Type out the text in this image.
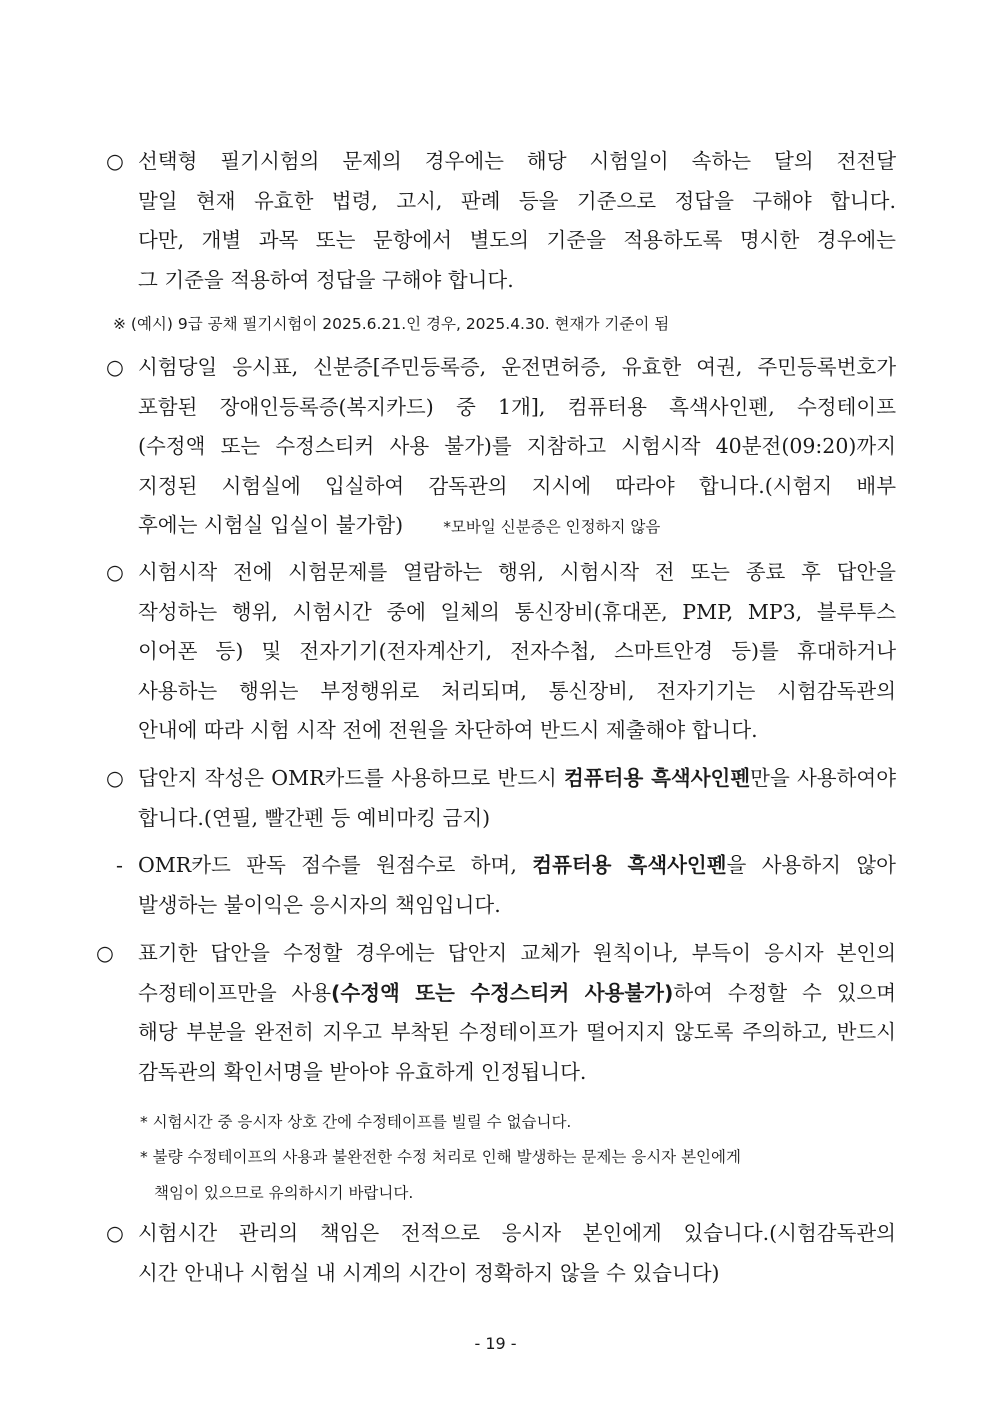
○ 선택형 필기시험의 문제의 경우에는 해당 시험일이 속하는 달의 전전달
말일 현재 유효한 법령, 고시, 판례 등을 기준으로 정답을 구해야 합니다.
다만, 개별 과목 또는 문항에서 별도의 기준을 적용하도록 명시한 경우에는
그 기준을 적용하여 정답을 구해야 합니다.
※ (예시) 9급 공채 필기시험이 2025.6.21.인 경우, 2025.4.30. 현재가 기준이 됨
○ 시험당일 응시표, 신분증[주민등록증, 운전면허증, 유효한 여권, 주민등록번호가
포함된 장애인등록증(복지카드) 중 1개], 컴퓨터용 흑색사인펜, 수정테이프
(수정액 또는 수정스티커 사용 불가)를 지참하고 시험시작 40분전(09:20)까지
지정된 시험실에 입실하여 감독관의 지시에 따라야 합니다.(시험지 배부
후에는 시험실 입실이 불가함)	*모바일 신분증은 인정하지 않음
○ 시험시작 전에 시험문제를 열람하는 행위, 시험시작 전 또는 종료 후 답안을
작성하는 행위, 시험시간 중에 일체의 통신장비(휴대폰, PMP, MP3, 블루투스
이어폰 등) 및 전자기기(전자계산기, 전자수첩, 스마트안경 등)를 휴대하거나
사용하는 행위는 부정행위로 처리되며, 통신장비, 전자기기는 시험감독관의
안내에 따라 시험 시작 전에 전원을 차단하여 반드시 제출해야 합니다.
○ 답안지 작성은 OMR카드를 사용하므로 반드시 컴퓨터용 흑색사인펜만을 사용하여야
합니다.(연필, 빨간펜 등 예비마킹 금지)
- OMR카드 판독 점수를 원점수로 하며, 컴퓨터용 흑색사인펜을 사용하지 않아
발생하는 불이익은 응시자의 책임입니다.
○	표기한 답안을 수정할 경우에는 답안지 교체가 원칙이나, 부득이 응시자 본인의
수정테이프만을 사용(수정액 또는 수정스티커 사용불가)하여 수정할 수 있으며
해당 부분을 완전히 지우고 부착된 수정테이프가 떨어지지 않도록 주의하고, 반드시
감독관의 확인서명을 받아야 유효하게 인정됩니다.
* 시험시간 중 응시자 상호 간에 수정테이프를 빌릴 수 없습니다.
* 불량 수정테이프의 사용과 불완전한 수정 처리로 인해 발생하는 문제는 응시자 본인에게
책임이 있으므로 유의하시기 바랍니다.
○ 시험시간 관리의 책임은 전적으로 응시자 본인에게 있습니다.(시험감독관의
시간 안내나 시험실 내 시계의 시간이 정확하지 않을 수 있습니다)
- 19 -
